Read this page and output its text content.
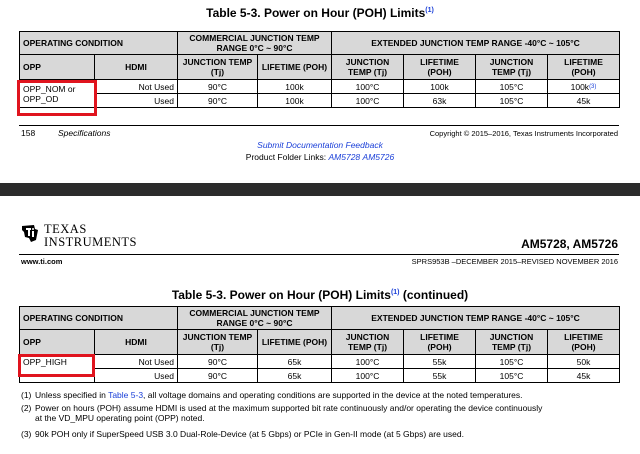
Table 5-3. Power on Hour (POH) Limits$^{(1)}$
OPERATING CONDITION		COMMERCIAL JUNCTION TEMP RANGE 0°C ~ 90°C		EXTENDED JUNCTION TEMP RANGE -40°C ~ 105°C			
OPP	HDMI	JUNCTION TEMP (Tj)	LIFETIME (POH)	JUNCTION TEMP (Tj)	LIFETIME (POH)	JUNCTION TEMP (Tj)	LIFETIME (POH)
OPP_NOM or OPP_OD	Not Used	90°C	100k	100°C	100k	105°C	$100k^{(3)}$
	Used	90°C	100k	100°C	63k	105°C	45k
158	Specifications	Copyright © 2015–2016, Texas Instruments Incorporated
Submit Documentation Feedback
Product Folder Links: AM5728 AM5726
TEXAS
INSTRUMENTS	AM5728, AM5726
www.ti.com	SPRS953B –DECEMBER 2015–REVISED NOVEMBER 2016
Table 5-3. Power on Hour (POH) Limits$^{(1)}$ (continued)
OPERATING CONDITION		COMMERCIAL JUNCTION TEMP RANGE 0°C ~ 90°C		EXTENDED JUNCTION TEMP RANGE -40°C ~ 105°C			
OPP	HDMI	JUNCTION TEMP (Tj)	LIFETIME (POH)	JUNCTION TEMP (Tj)	LIFETIME (POH)	JUNCTION TEMP (Tj)	LIFETIME (POH)
OPP_HIGH	Not Used	90°C	65k	100°C	55k	105°C	50k
	Used	90°C	65k	100°C	55k	105°C	45k
(1) Unless specified in Table 5-3, all voltage domains and operating conditions are supported in the device at the noted temperatures.
(2) Power on hours (POH) assume HDMI is used at the maximum supported bit rate continuously and/or operating the device continuously
at the VD_MPU operating point (OPP) noted.
(3) 90k POH only if SuperSpeed USB 3.0 Dual-Role-Device (at 5 Gbps) or PCIe in Gen-II mode (at 5 Gbps) are used.
